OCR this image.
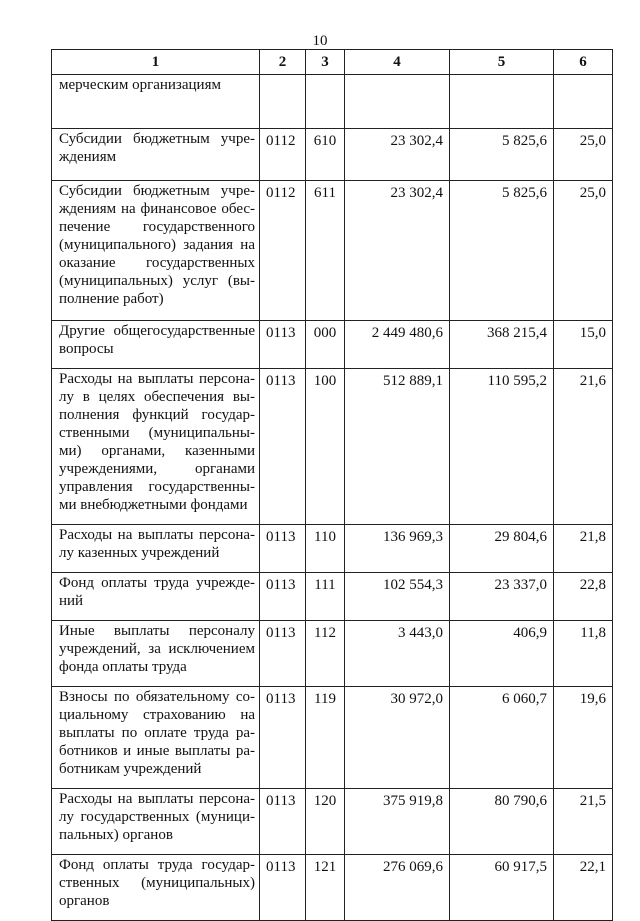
10
1	2	3	4	5	6

мерческим организациям					

Субсидии бюджетным учре-ждениям	0112	610	23 302,4	5 825,6	25,0

Субсидии бюджетным учре-ждениям на финансовое обес-печение государственного (муниципального) задания на оказание государственных (муниципальных) услуг (вы-полнение работ)	0112	611	23 302,4	5 825,6	25,0

Другие общегосударственные вопросы	0113	000	2 449 480,6	368 215,4	15,0

Расходы на выплаты персона-лу в целях обеспечения вы-полнения функций государ-ственными (муниципальны-ми) органами, казенными учреждениями, органами управления государственны-ми внебюджетными фондами	0113	100	512 889,1	110 595,2	21,6

Расходы на выплаты персона-лу казенных учреждений	0113	110	136 969,3	29 804,6	21,8

Фонд оплаты труда учрежде-ний	0113	111	102 554,3	23 337,0	22,8

Иные выплаты персоналу учреждений, за исключением фонда оплаты труда	0113	112	3 443,0	406,9	11,8

Взносы по обязательному со-циальному страхованию на выплаты по оплате труда ра-ботников и иные выплаты ра-ботникам учреждений	0113	119	30 972,0	6 060,7	19,6

Расходы на выплаты персона-лу государственных (муници-пальных) органов	0113	120	375 919,8	80 790,6	21,5

Фонд оплаты труда государ-ственных (муниципальных) органов	0113	121	276 069,6	60 917,5	22,1
